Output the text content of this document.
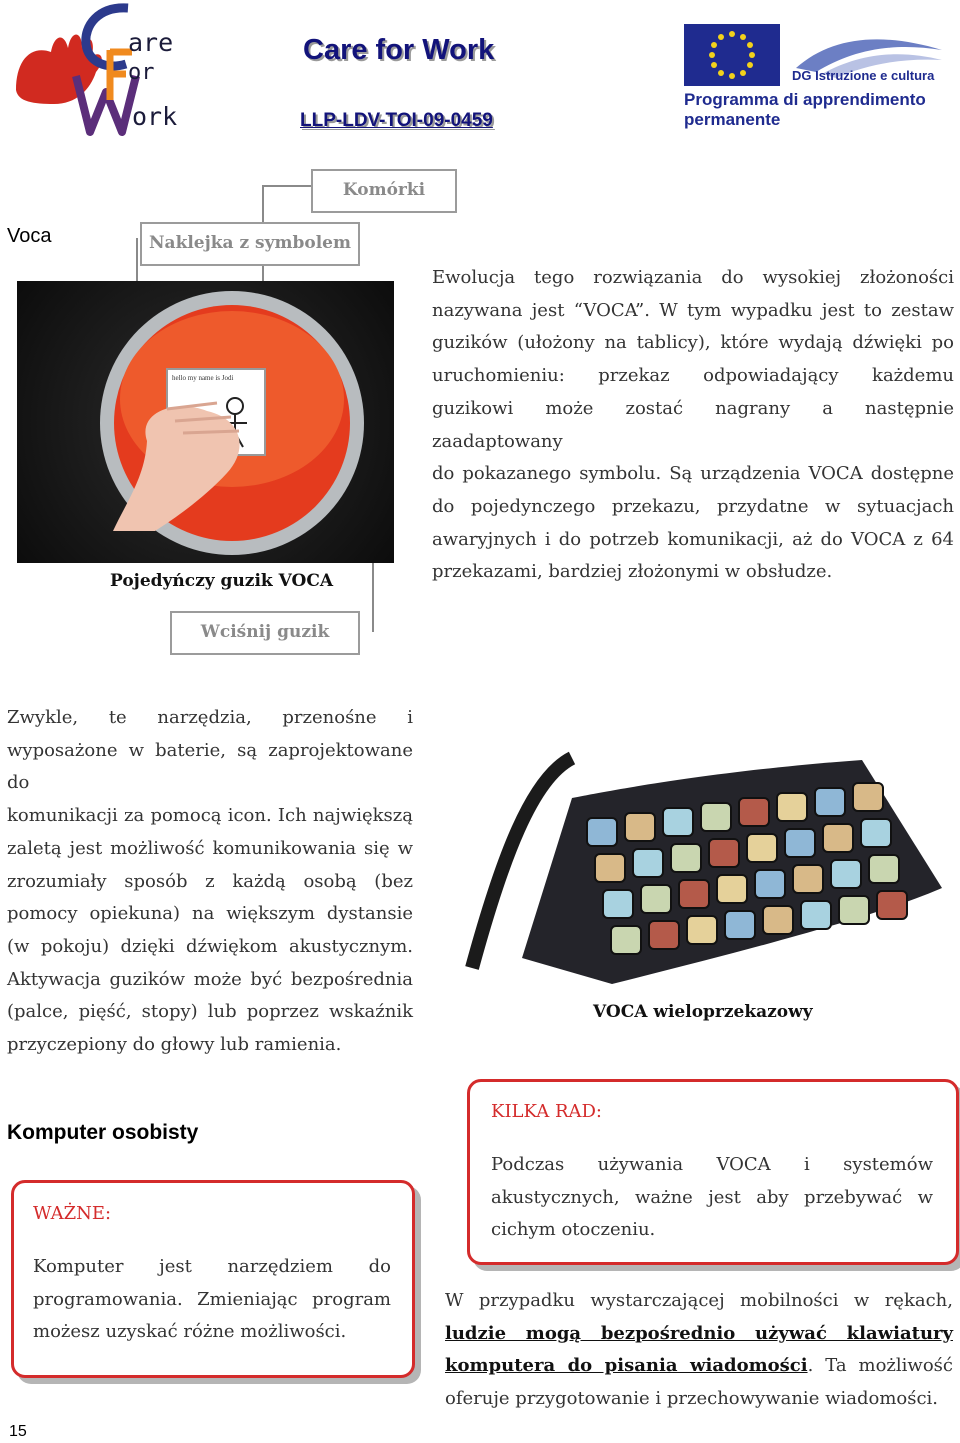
are
or
ork
Care for Work
LLP-LDV-TOI-09-0459
DG Istruzione e cultura
Programma di apprendimento
permanente
Voca
Komórki
Naklejka z symbolem
hello my name is Jodi
Ewolucja tego rozwiązania do wysokiej złożoności
nazywana jest “VOCA”. W tym wypadku jest to zestaw
guzików (ułożony na tablicy), które wydają dźwięki po
uruchomieniu: przekaz odpowiadający każdemu
guzikowi może zostać nagrany a następnie zaadaptowany
do pokazanego symbolu. Są urządzenia VOCA dostępne
do pojedynczego przekazu, przydatne w sytuacjach
awaryjnych i do potrzeb komunikacji, aż do VOCA z 64
przekazami, bardziej złożonymi w obsłudze.
Pojedyńczy guzik VOCA
Wciśnij guzik
Zwykle, te narzędzia, przenośne i
wyposażone w baterie, są zaprojektowane do
komunikacji za pomocą icon. Ich największą
zaletą jest możliwość komunikowania się w
zrozumiały sposób z każdą osobą (bez
pomocy opiekuna) na większym dystansie
(w pokoju) dzięki dźwiękom akustycznym.
Aktywacja guzików może być bezpośrednia
(palce, pięść, stopy) lub poprzez wskaźnik
przyczepiony do głowy lub ramienia.
VOCA wieloprzekazowy
Komputer osobisty
WAŻNE:
Komputer jest narzędziem do
programowania. Zmieniając program
możesz uzyskać różne możliwości.
KILKA RAD:
Podczas używania VOCA i systemów
akustycznych, ważne jest aby przebywać w
cichym otoczeniu.
W przypadku wystarczającej mobilności w rękach,
ludzie mogą bezpośrednio używać klawiatury
komputera do pisania wiadomości. Ta możliwość
oferuje przygotowanie i przechowywanie wiadomości.
15
